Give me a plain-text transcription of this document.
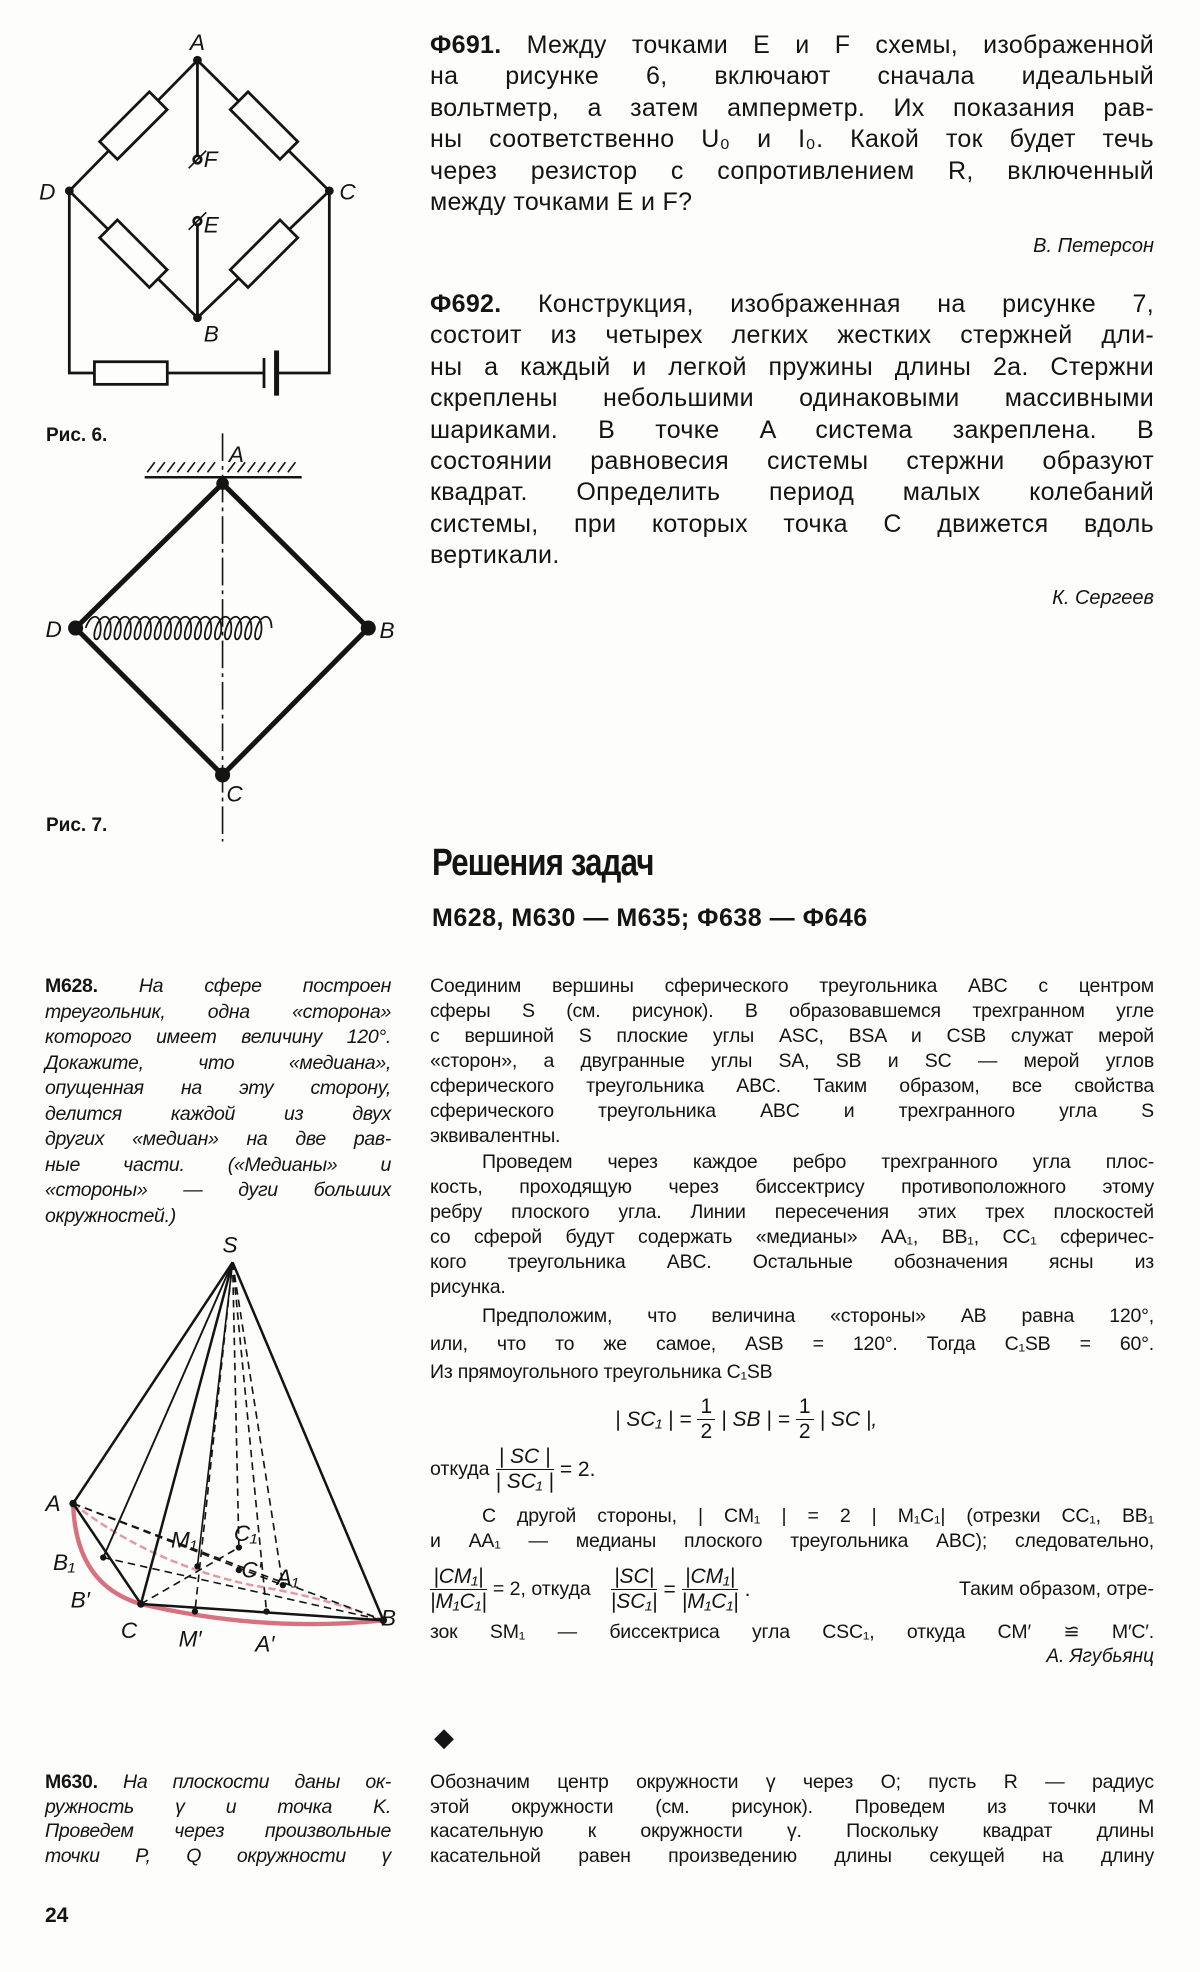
A
F
E
D	C
B
A
D	B
C
S
A
B
C
B₁
B′
M′	A′
M₁ C₁
C′ A₁
Рис. 6.
Рис. 7.
Ф691. Между точками E и F схемы, изображенной
на рисунке 6, включают сначала идеальный
вольтметр, а затем амперметр. Их показания рав-
ны соответственно U₀ и I₀. Какой ток будет течь
через резистор с сопротивлением R, включенный
между точками E и F?
В. Петерсон
Ф692. Конструкция, изображенная на рисунке 7,
состоит из четырех легких жестких стержней дли-
ны a каждый и легкой пружины длины 2a. Стержни
скреплены небольшими одинаковыми массивными
шариками. В точке A система закреплена. В
состоянии равновесия системы стержни образуют
квадрат. Определить период малых колебаний
системы, при которых точка C движется вдоль
вертикали.
К. Сергеев
Решения задач
М628, М630 — М635; Ф638 — Ф646
М628. На сфере построен
треугольник, одна «сторона»
которого имеет величину 120°.
Докажите, что «медиана»,
опущенная на эту сторону,
делится каждой из двух
других «медиан» на две рав-
ные части. («Медианы» и
«стороны» — дуги больших
окружностей.)
Соединим вершины сферического треугольника ABC с центром
сферы S (см. рисунок). В образовавшемся трехгранном угле
с вершиной S плоские углы ASC, BSA и CSB служат мерой
«сторон», а двугранные углы SA, SB и SC — мерой углов
сферического треугольника ABC. Таким образом, все свойства
сферического треугольника ABC и трехгранного угла S
эквивалентны.
Проведем через каждое ребро трехгранного угла плос-
кость, проходящую через биссектрису противоположного этому
ребру плоского угла. Линии пересечения этих трех плоскостей
со сферой будут содержать «медианы» AA₁, BB₁, CC₁ сферичес-
кого треугольника ABC. Остальные обозначения ясны из
рисунка.
Предположим, что величина «стороны» AB равна 120°,
или, что то же самое, ASB = 120°. Тогда C₁SB = 60°.
Из прямоугольного треугольника C₁SB
| SC₁ | = $\frac{1}{2}$ | SB | = $\frac{1}{2}$ | SC |,
откуда $\frac{| SC |}{\text{| SC₁ |}} = 2$.
С другой стороны, | CM₁ | = 2 | M₁C₁| (отрезки CC₁, BB₁
и AA₁ — медианы плоского треугольника ABC); следовательно,
$\frac{\text{|CM₁|}}{\text{|M₁C₁|}} = 2$, откуда $\frac{|SC|}{\text{|SC₁|}} = \frac{\text{|CM₁|}}{\text{|M₁C₁|}}$ .	Таким образом, отре-
зок SM₁ — биссектриса угла CSC₁, откуда CM′ ≌ M′C′.
А. Ягубьянц
◆
М630. На плоскости даны ок-
ружность γ и точка K.
Проведем через произвольные
точки P, Q окружности γ
Обозначим центр окружности γ через O; пусть R — радиус
этой окружности (см. рисунок). Проведем из точки M
касательную к окружности γ. Поскольку квадрат длины
касательной равен произведению длины секущей на длину
24
